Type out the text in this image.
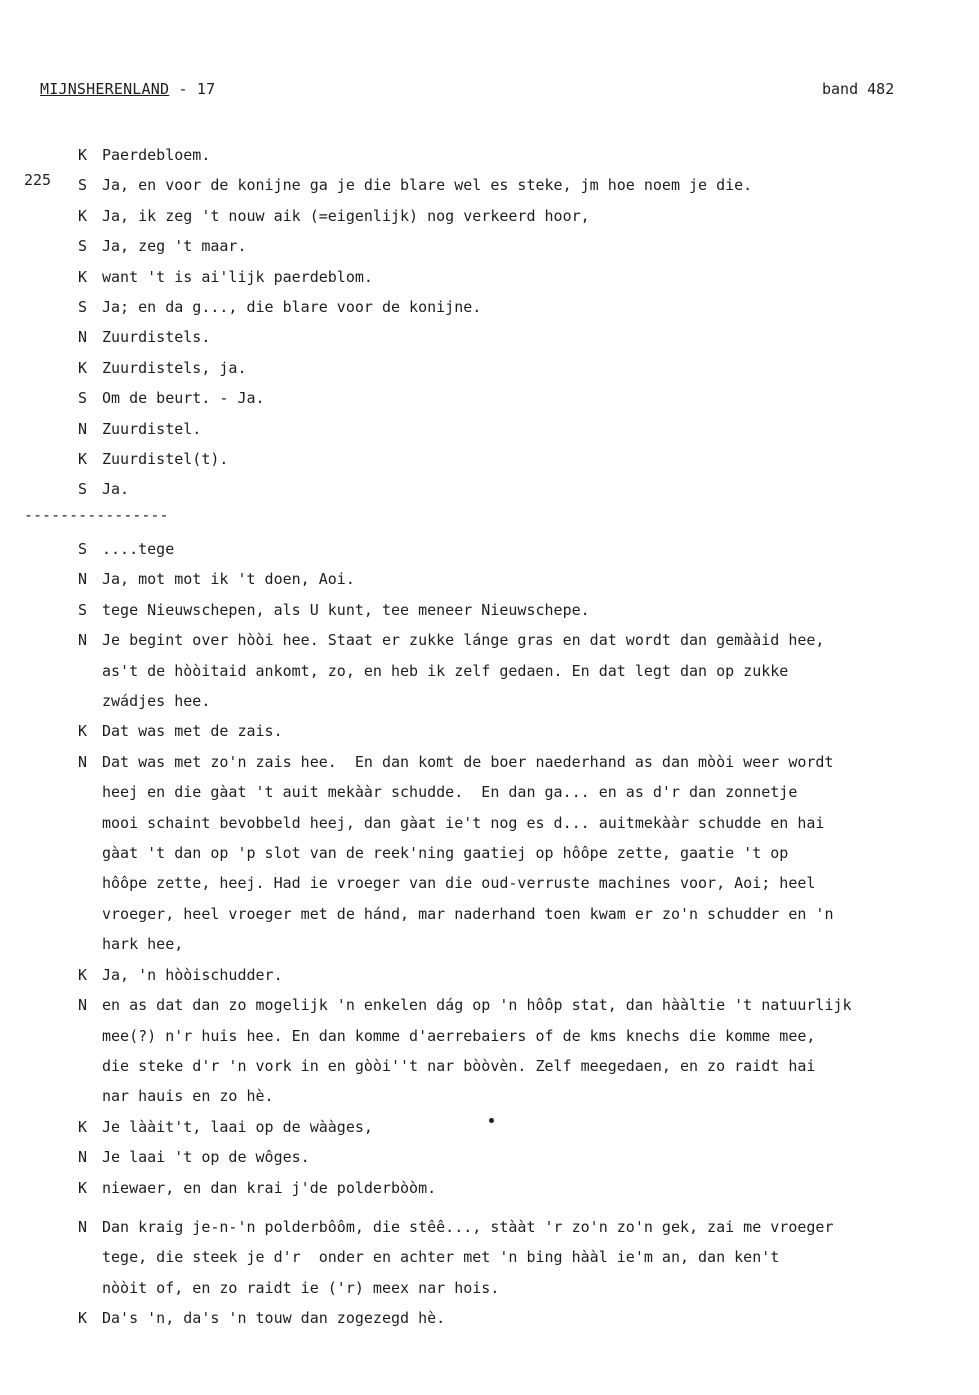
MIJNSHERENLAND - 17	band 482
225
K Paerdebloem.
S Ja, en voor de konijne ga je die blare wel es steke, jm hoe noem je die.
K Ja, ik zeg 't nouw aik (=eigenlijk) nog verkeerd hoor,
S Ja, zeg 't maar.
K want 't is ai'lijk paerdeblom.
S Ja; en da g..., die blare voor de konijne.
N Zuurdistels.
K Zuurdistels, ja.
S Om de beurt. - Ja.
N Zuurdistel.
K Zuurdistel(t).
S Ja.
----------------
S ....tege
N Ja, mot mot ik 't doen, Aoi.
S tege Nieuwschepen, als U kunt, tee meneer Nieuwschepe.
N Je begint over hòòi hee. Staat er zukke lánge gras en dat wordt dan gemààid hee,
as't de hòòitaid ankomt, zo, en heb ik zelf gedaen. En dat legt dan op zukke
zwádjes hee.
K Dat was met de zais.
N Dat was met zo'n zais hee.  En dan komt de boer naederhand as dan mòòi weer wordt
heej en die gàat 't auit mekààr schudde.  En dan ga... en as d'r dan zonnetje
mooi schaint bevobbeld heej, dan gàat ie't nog es d... auitmekààr schudde en hai
gàat 't dan op 'p slot van de reek'ning gaatiej op hôôpe zette, gaatie 't op
hôôpe zette, heej. Had ie vroeger van die oud-verruste machines voor, Aoi; heel
vroeger, heel vroeger met de hánd, mar naderhand toen kwam er zo'n schudder en 'n
hark hee,
K Ja, 'n hòòischudder.
N en as dat dan zo mogelijk 'n enkelen dág op 'n hôôp stat, dan hààltie 't natuurlijk
mee(?) n'r huis hee. En dan komme d'aerrebaiers of de kms knechs die komme mee,
die steke d'r 'n vork in en gòòi''t nar bòòvèn. Zelf meegedaen, en zo raidt hai
nar hauis en zo hè.
K Je lààit't, laai op de wààges,
N Je laai 't op de wôges.
K niewaer, en dan krai j'de polderbòòm.
N Dan kraig je-n-'n polderbôôm, die stêê..., stààt 'r zo'n zo'n gek, zai me vroeger
tege, die steek je d'r  onder en achter met 'n bing hààl ie'm an, dan ken't
nòòit of, en zo raidt ie ('r) meex nar hois.
K Da's 'n, da's 'n touw dan zogezegd hè.
